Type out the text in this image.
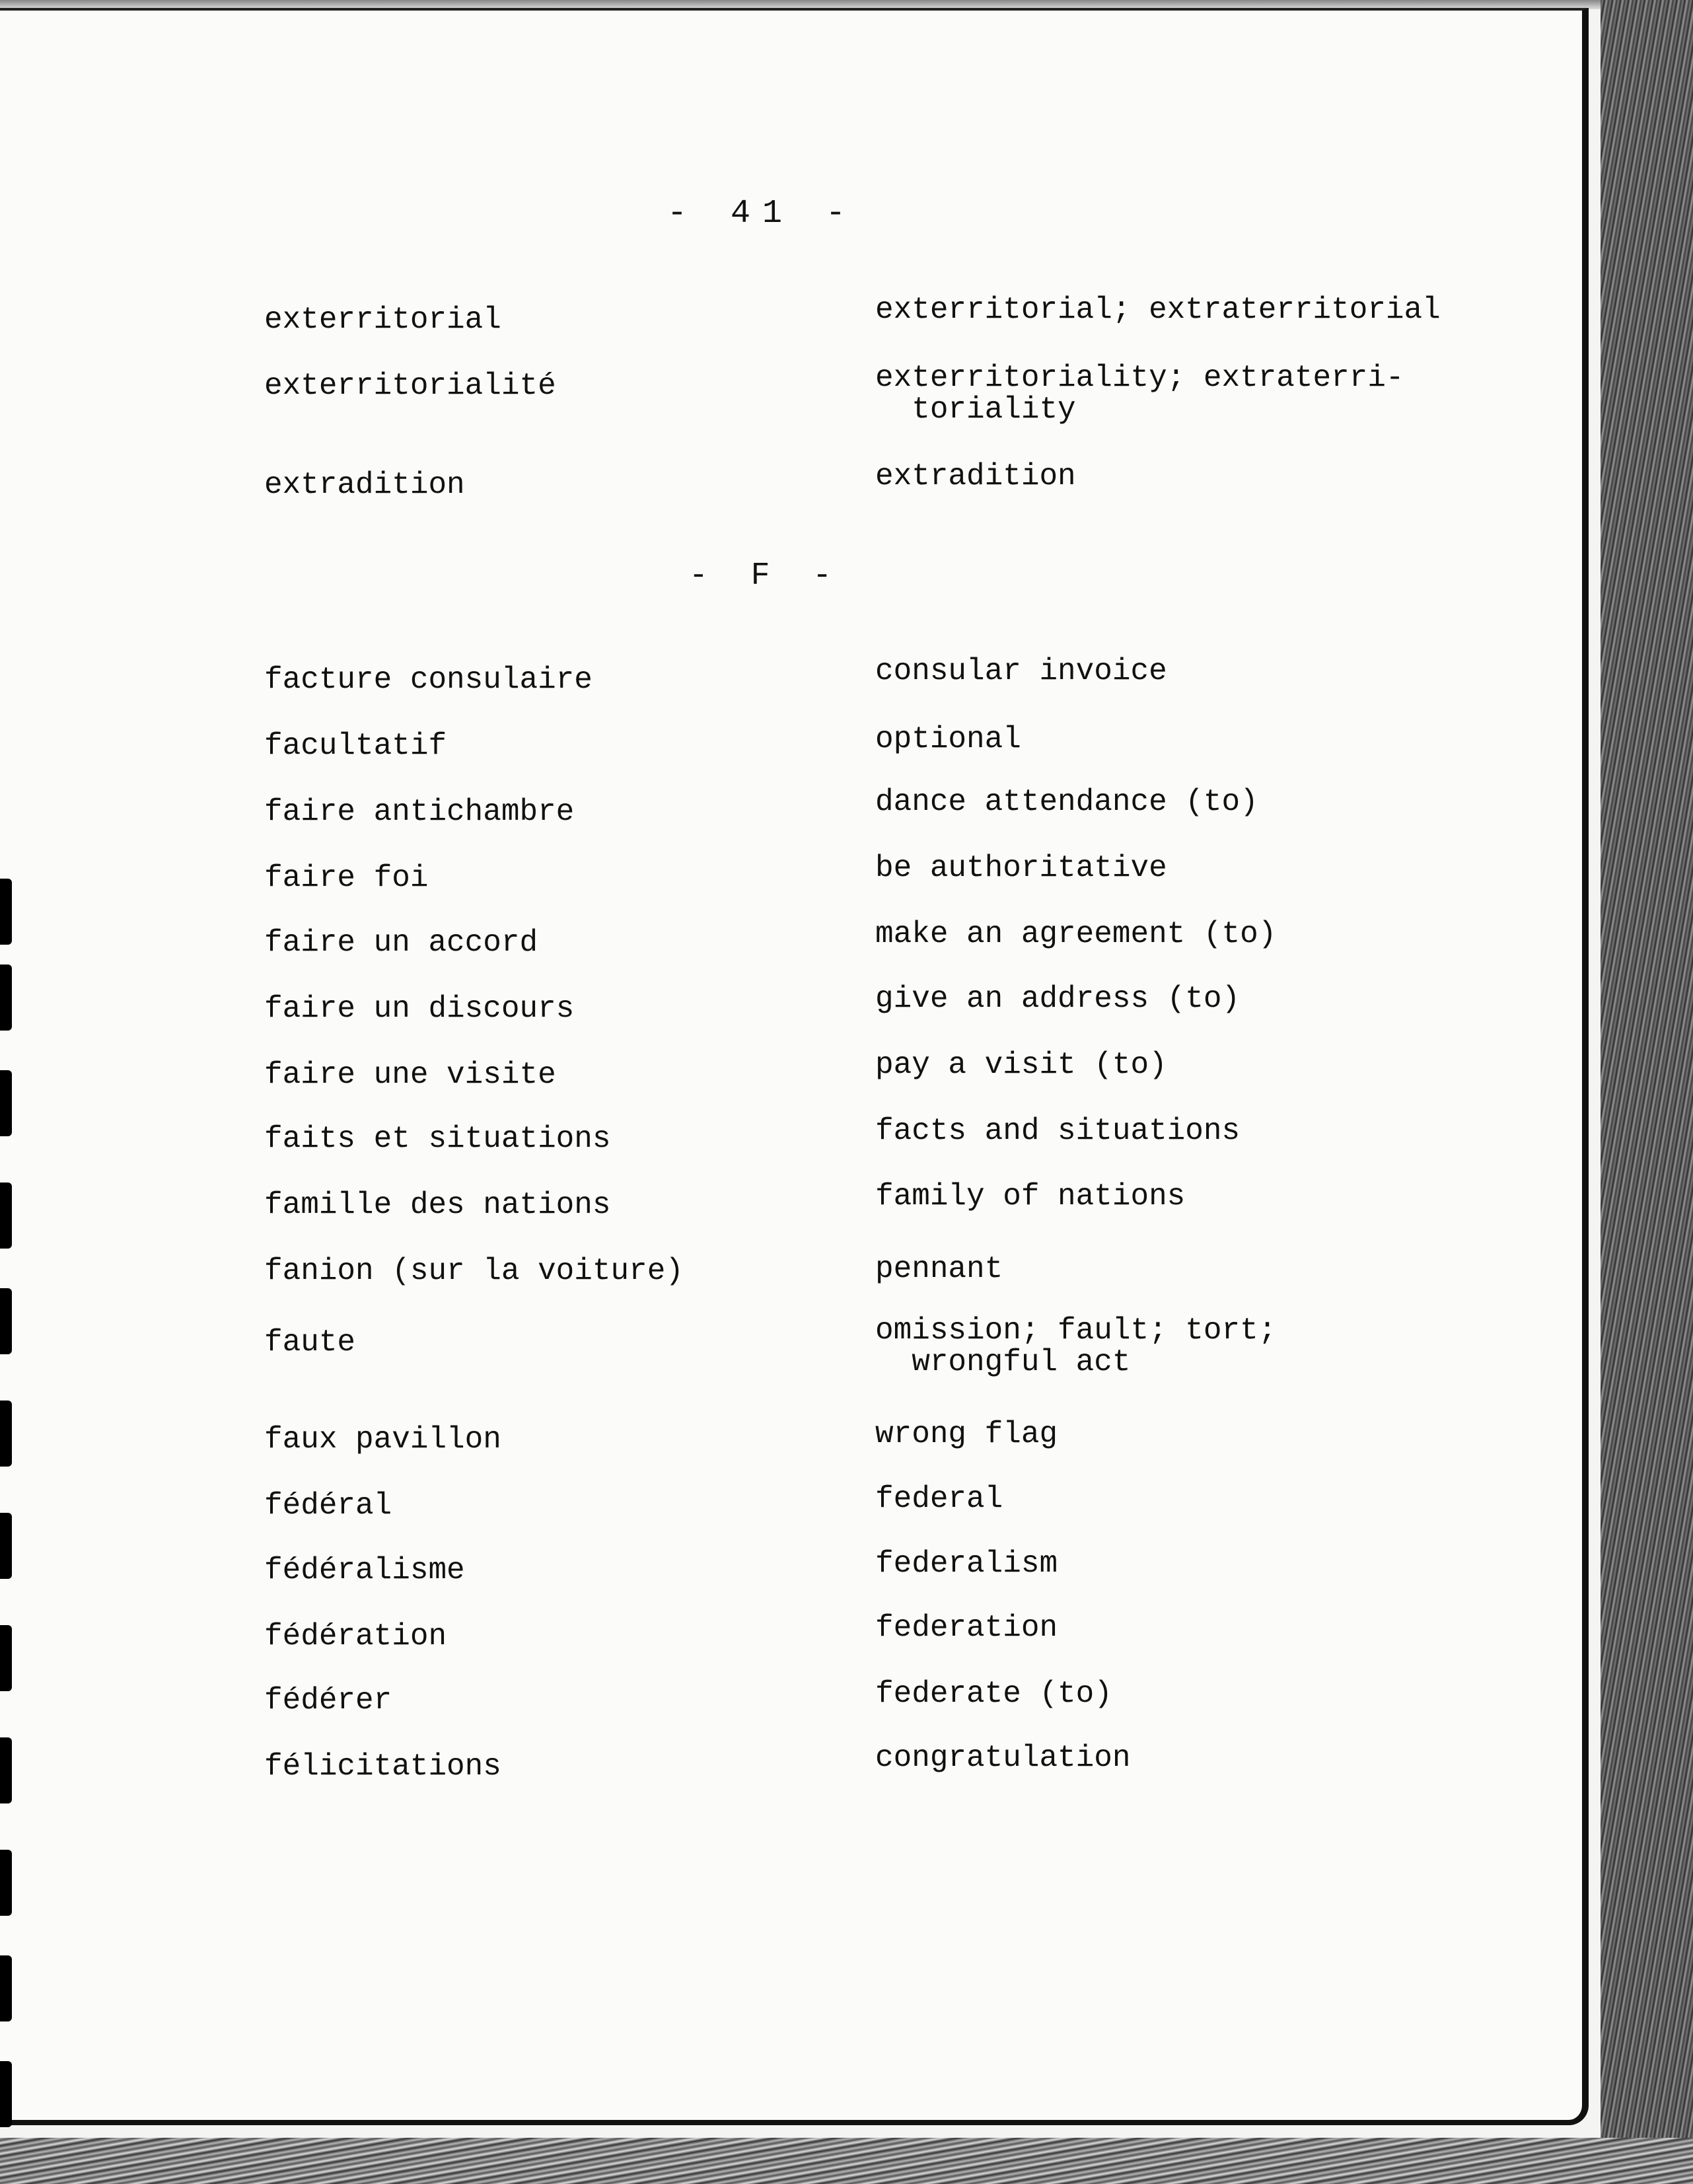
- 41 -
exterritorial	exterritorial; extraterritorial
exterritorialité	exterritoriality; extraterri-
toriality
extradition	extradition
- F -
facture consulaire	consular invoice
facultatif	optional
faire antichambre	dance attendance (to)
faire foi	be authoritative
faire un accord	make an agreement (to)
faire un discours	give an address (to)
faire une visite	pay a visit (to)
faits et situations	facts and situations
famille des nations	family of nations
fanion (sur la voiture)	pennant
faute	omission; fault; tort;
wrongful act
faux pavillon	wrong flag
fédéral	federal
fédéralisme	federalism
fédération	federation
fédérer	federate (to)
félicitations	congratulation
